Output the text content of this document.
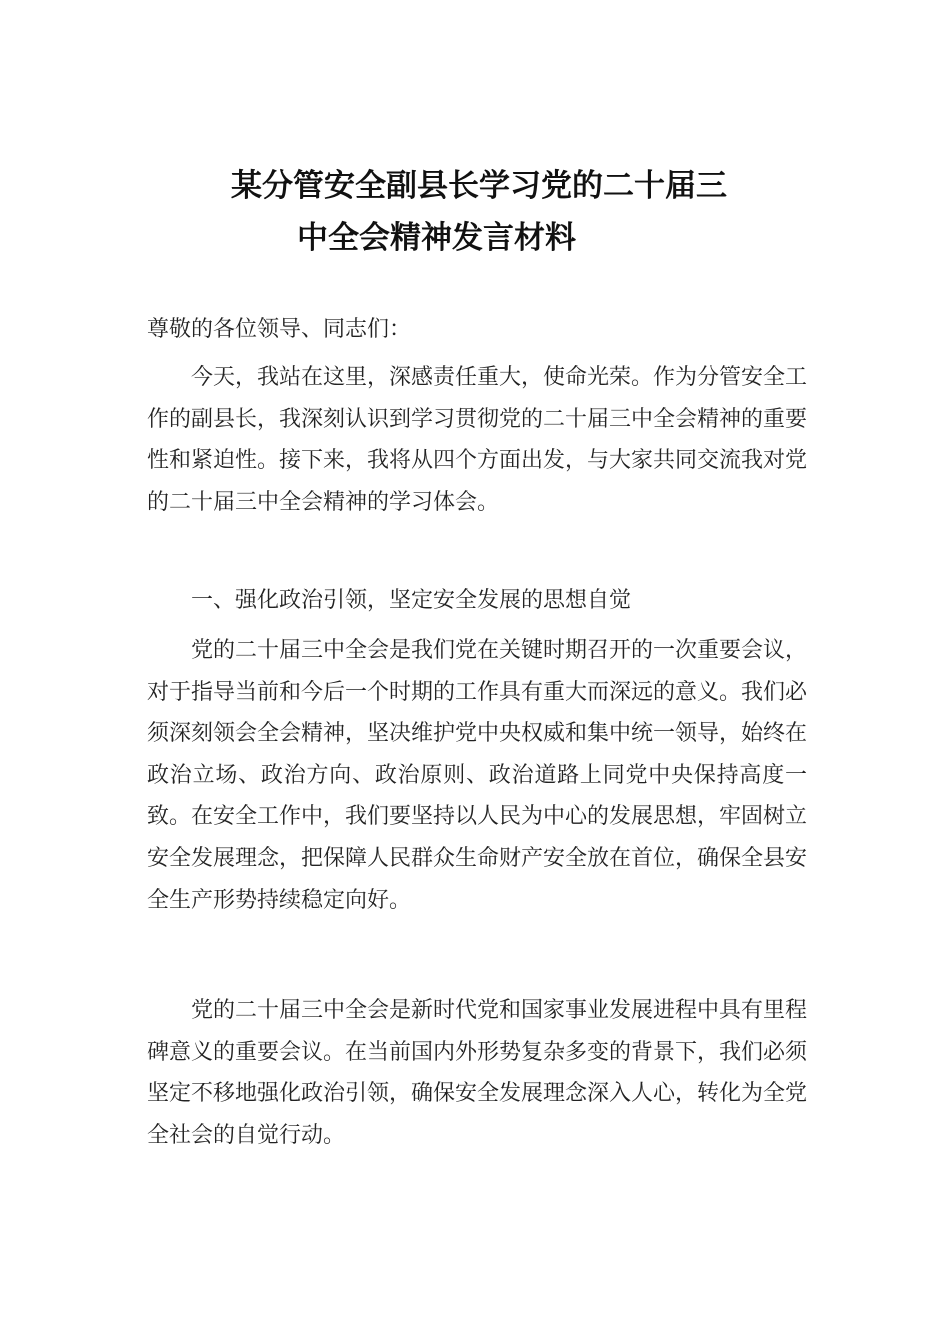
某分管安全副县长学习党的二十届三
中全会精神发言材料
尊敬的各位领导、同志们：

今天，我站在这里，深感责任重大，使命光荣。作为分管安全工作的副县长，我深刻认识到学习贯彻党的二十届三中全会精神的重要性和紧迫性。接下来，我将从四个方面出发，与大家共同交流我对党的二十届三中全会精神的学习体会。

一、强化政治引领，坚定安全发展的思想自觉

党的二十届三中全会是我们党在关键时期召开的一次重要会议，对于指导当前和今后一个时期的工作具有重大而深远的意义。我们必须深刻领会全会精神，坚决维护党中央权威和集中统一领导，始终在政治立场、政治方向、政治原则、政治道路上同党中央保持高度一致。在安全工作中，我们要坚持以人民为中心的发展思想，牢固树立安全发展理念，把保障人民群众生命财产安全放在首位，确保全县安全生产形势持续稳定向好。

党的二十届三中全会是新时代党和国家事业发展进程中具有里程碑意义的重要会议。在当前国内外形势复杂多变的背景下，我们必须坚定不移地强化政治引领，确保安全发展理念深入人心，转化为全党全社会的自觉行动。
